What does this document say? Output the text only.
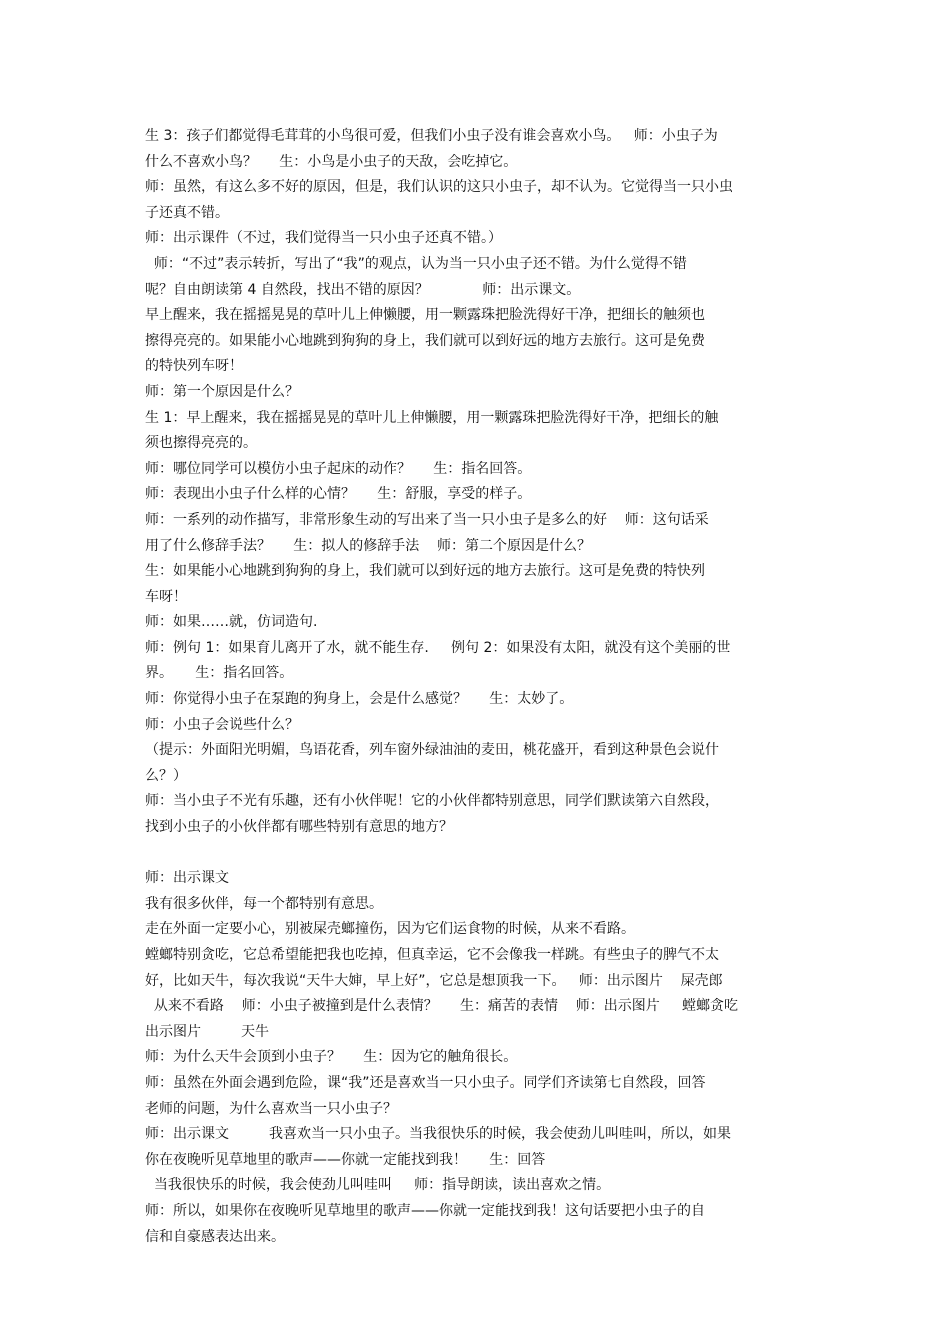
生 3：孩子们都觉得毛茸茸的小鸟很可爱，但我们小虫子没有谁会喜欢小鸟。   师：小虫子为
什么不喜欢小鸟？     生：小鸟是小虫子的天敌，会吃掉它。
师：虽然，有这么多不好的原因，但是，我们认识的这只小虫子，却不认为。它觉得当一只小虫
子还真不错。
师：出示课件（不过，我们觉得当一只小虫子还真不错。）
师：“不过”表示转折，写出了“我”的观点，认为当一只小虫子还不错。为什么觉得不错
呢？自由朗读第 4 自然段，找出不错的原因？            师：出示课文。
早上醒来，我在摇摇晃晃的草叶儿上伸懒腰，用一颗露珠把脸洗得好干净，把细长的触须也
擦得亮亮的。如果能小心地跳到狗狗的身上，我们就可以到好远的地方去旅行。这可是免费
的特快列车呀！
师：第一个原因是什么？
生 1：早上醒来，我在摇摇晃晃的草叶儿上伸懒腰，用一颗露珠把脸洗得好干净，把细长的触
须也擦得亮亮的。
师：哪位同学可以模仿小虫子起床的动作？     生：指名回答。
师：表现出小虫子什么样的心情？     生：舒服，享受的样子。
师：一系列的动作描写，非常形象生动的写出来了当一只小虫子是多么的好    师：这句话采
用了什么修辞手法？     生：拟人的修辞手法    师：第二个原因是什么？
生：如果能小心地跳到狗狗的身上，我们就可以到好远的地方去旅行。这可是免费的特快列
车呀！
师：如果……就，仿词造句.
师：例句 1：如果育儿离开了水，就不能生存.     例句 2：如果没有太阳，就没有这个美丽的世
界。     生：指名回答。
师：你觉得小虫子在泵跑的狗身上，会是什么感觉？     生：太妙了。
师：小虫子会说些什么？
（提示：外面阳光明媚，鸟语花香，列车窗外绿油油的麦田，桃花盛开，看到这种景色会说什
么？）
师：当小虫子不光有乐趣，还有小伙伴呢！它的小伙伴都特别意思，同学们默读第六自然段，
找到小虫子的小伙伴都有哪些特别有意思的地方？
师：出示课文
我有很多伙伴，每一个都特别有意思。
走在外面一定要小心，别被屎壳螂撞伤，因为它们运食物的时候，从来不看路。
螳螂特别贪吃，它总希望能把我也吃掉，但真幸运，它不会像我一样跳。有些虫子的脾气不太
好，比如天牛，每次我说“天牛大婶，早上好”，它总是想顶我一下。   师：出示图片    屎壳郎
从来不看路    师：小虫子被撞到是什么表情？     生：痛苦的表情    师：出示图片     螳螂贪吃
出示图片         天牛
师：为什么天牛会顶到小虫子？     生：因为它的触角很长。
师：虽然在外面会遇到危险，课“我”还是喜欢当一只小虫子。同学们齐读第七自然段，回答
老师的问题，为什么喜欢当一只小虫子？
师：出示课文         我喜欢当一只小虫子。当我很快乐的时候，我会使劲儿叫哇叫，所以，如果
你在夜晚听见草地里的歌声——你就一定能找到我！     生：回答
当我很快乐的时候，我会使劲儿叫哇叫     师：指导朗读，读出喜欢之情。
师：所以，如果你在夜晚听见草地里的歌声——你就一定能找到我！这句话要把小虫子的自
信和自豪感表达出来。
